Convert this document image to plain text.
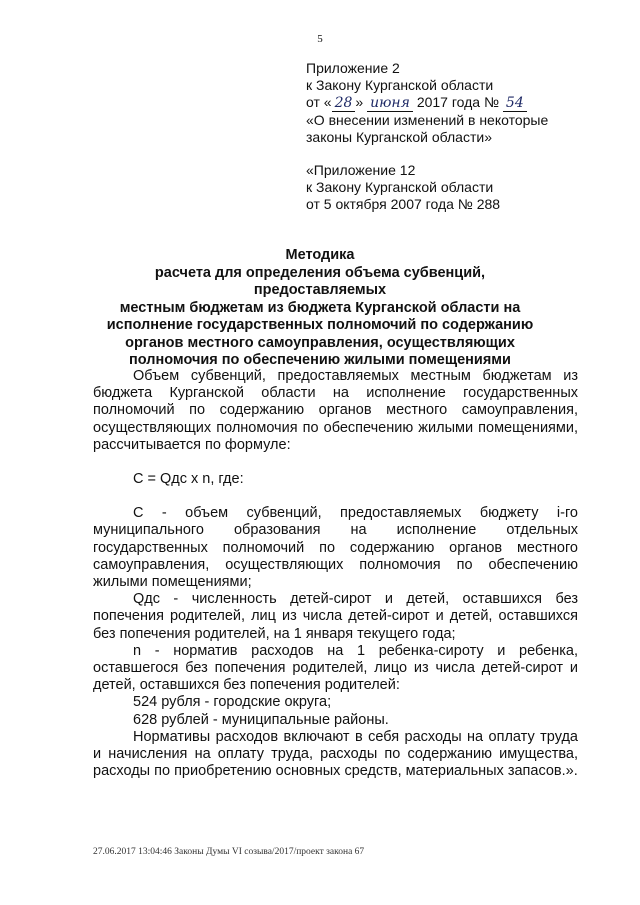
5
Приложение 2
к Закону Курганской области
от « 28 » июня 2017 года № 54
«О внесении изменений в некоторые
законы Курганской области»
«Приложение 12
к Закону Курганской области
от 5 октября 2007 года № 288
Методика
расчета для определения объема субвенций, предоставляемых
местным бюджетам из бюджета Курганской области на
исполнение государственных полномочий по содержанию
органов местного самоуправления, осуществляющих
полномочия по обеспечению жилыми помещениями

Объем субвенций, предоставляемых местным бюджетам из бюджета Курганской области на исполнение государственных полномочий по содержанию органов местного самоуправления, осуществляющих полномочия по обеспечению жилыми помещениями, рассчитывается по формуле:

С = Qдс x n, где:

С - объем субвенций, предоставляемых бюджету i-го муниципального образования на исполнение отдельных государственных полномочий по содержанию органов местного самоуправления, осуществляющих полномочия по обеспечению жилыми помещениями;

Qдс - численность детей-сирот и детей, оставшихся без попечения родителей, лиц из числа детей-сирот и детей, оставшихся без попечения родителей, на 1 января текущего года;

n - норматив расходов на 1 ребенка-сироту и ребенка, оставшегося без попечения родителей, лицо из числа детей-сирот и детей, оставшихся без попечения родителей:

524 рубля - городские округа;

628 рублей - муниципальные районы.

Нормативы расходов включают в себя расходы на оплату труда и начисления на оплату труда, расходы по содержанию имущества, расходы по приобретению основных средств, материальных запасов.».

27.06.2017 13:04:46 Законы Думы VI созыва/2017/проект закона 67
